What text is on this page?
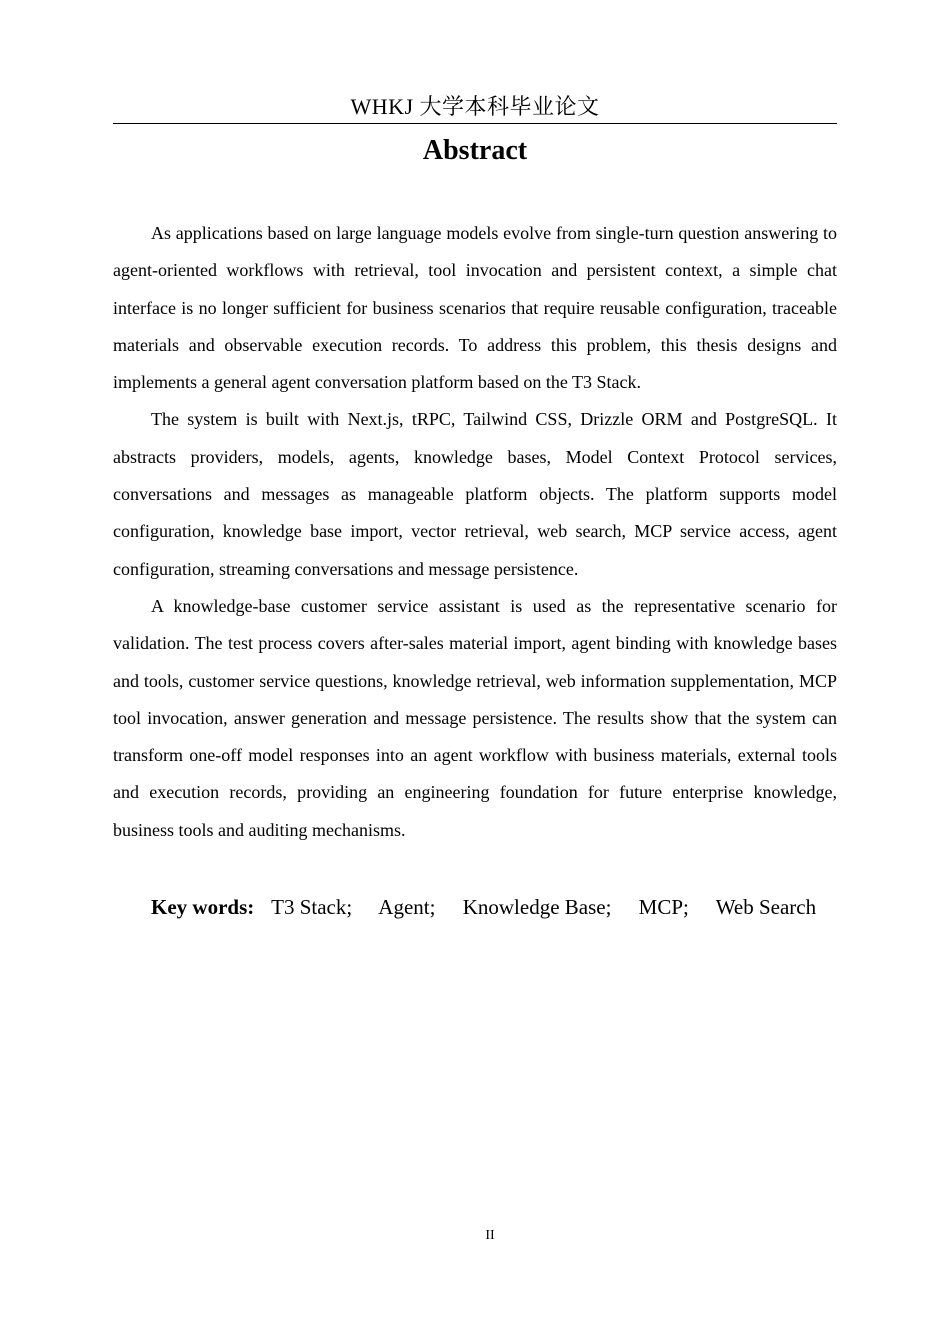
WHKJ 大学本科毕业论文
Abstract

As applications based on large language models evolve from single-turn question answering to agent-oriented workflows with retrieval, tool invocation and persistent context, a simple chat interface is no longer sufficient for business scenarios that require reusable configuration, traceable materials and observable execution records. To address this problem, this thesis designs and implements a general agent conversation platform based on the T3 Stack.

The system is built with Next.js, tRPC, Tailwind CSS, Drizzle ORM and PostgreSQL. It abstracts providers, models, agents, knowledge bases, Model Context Protocol services, conversations and messages as manageable platform objects. The platform supports model configuration, knowledge base import, vector retrieval, web search, MCP service access, agent configuration, streaming conversations and message persistence.

A knowledge-base customer service assistant is used as the representative scenario for validation. The test process covers after-sales material import, agent binding with knowledge bases and tools, customer service questions, knowledge retrieval, web information supplementation, MCP tool invocation, answer generation and message persistence. The results show that the system can transform one-off model responses into an agent workflow with business materials, external tools and execution records, providing an engineering foundation for future enterprise knowledge, business tools and auditing mechanisms.

Key words: T3 Stack; Agent; Knowledge Base; MCP; Web Search
II
